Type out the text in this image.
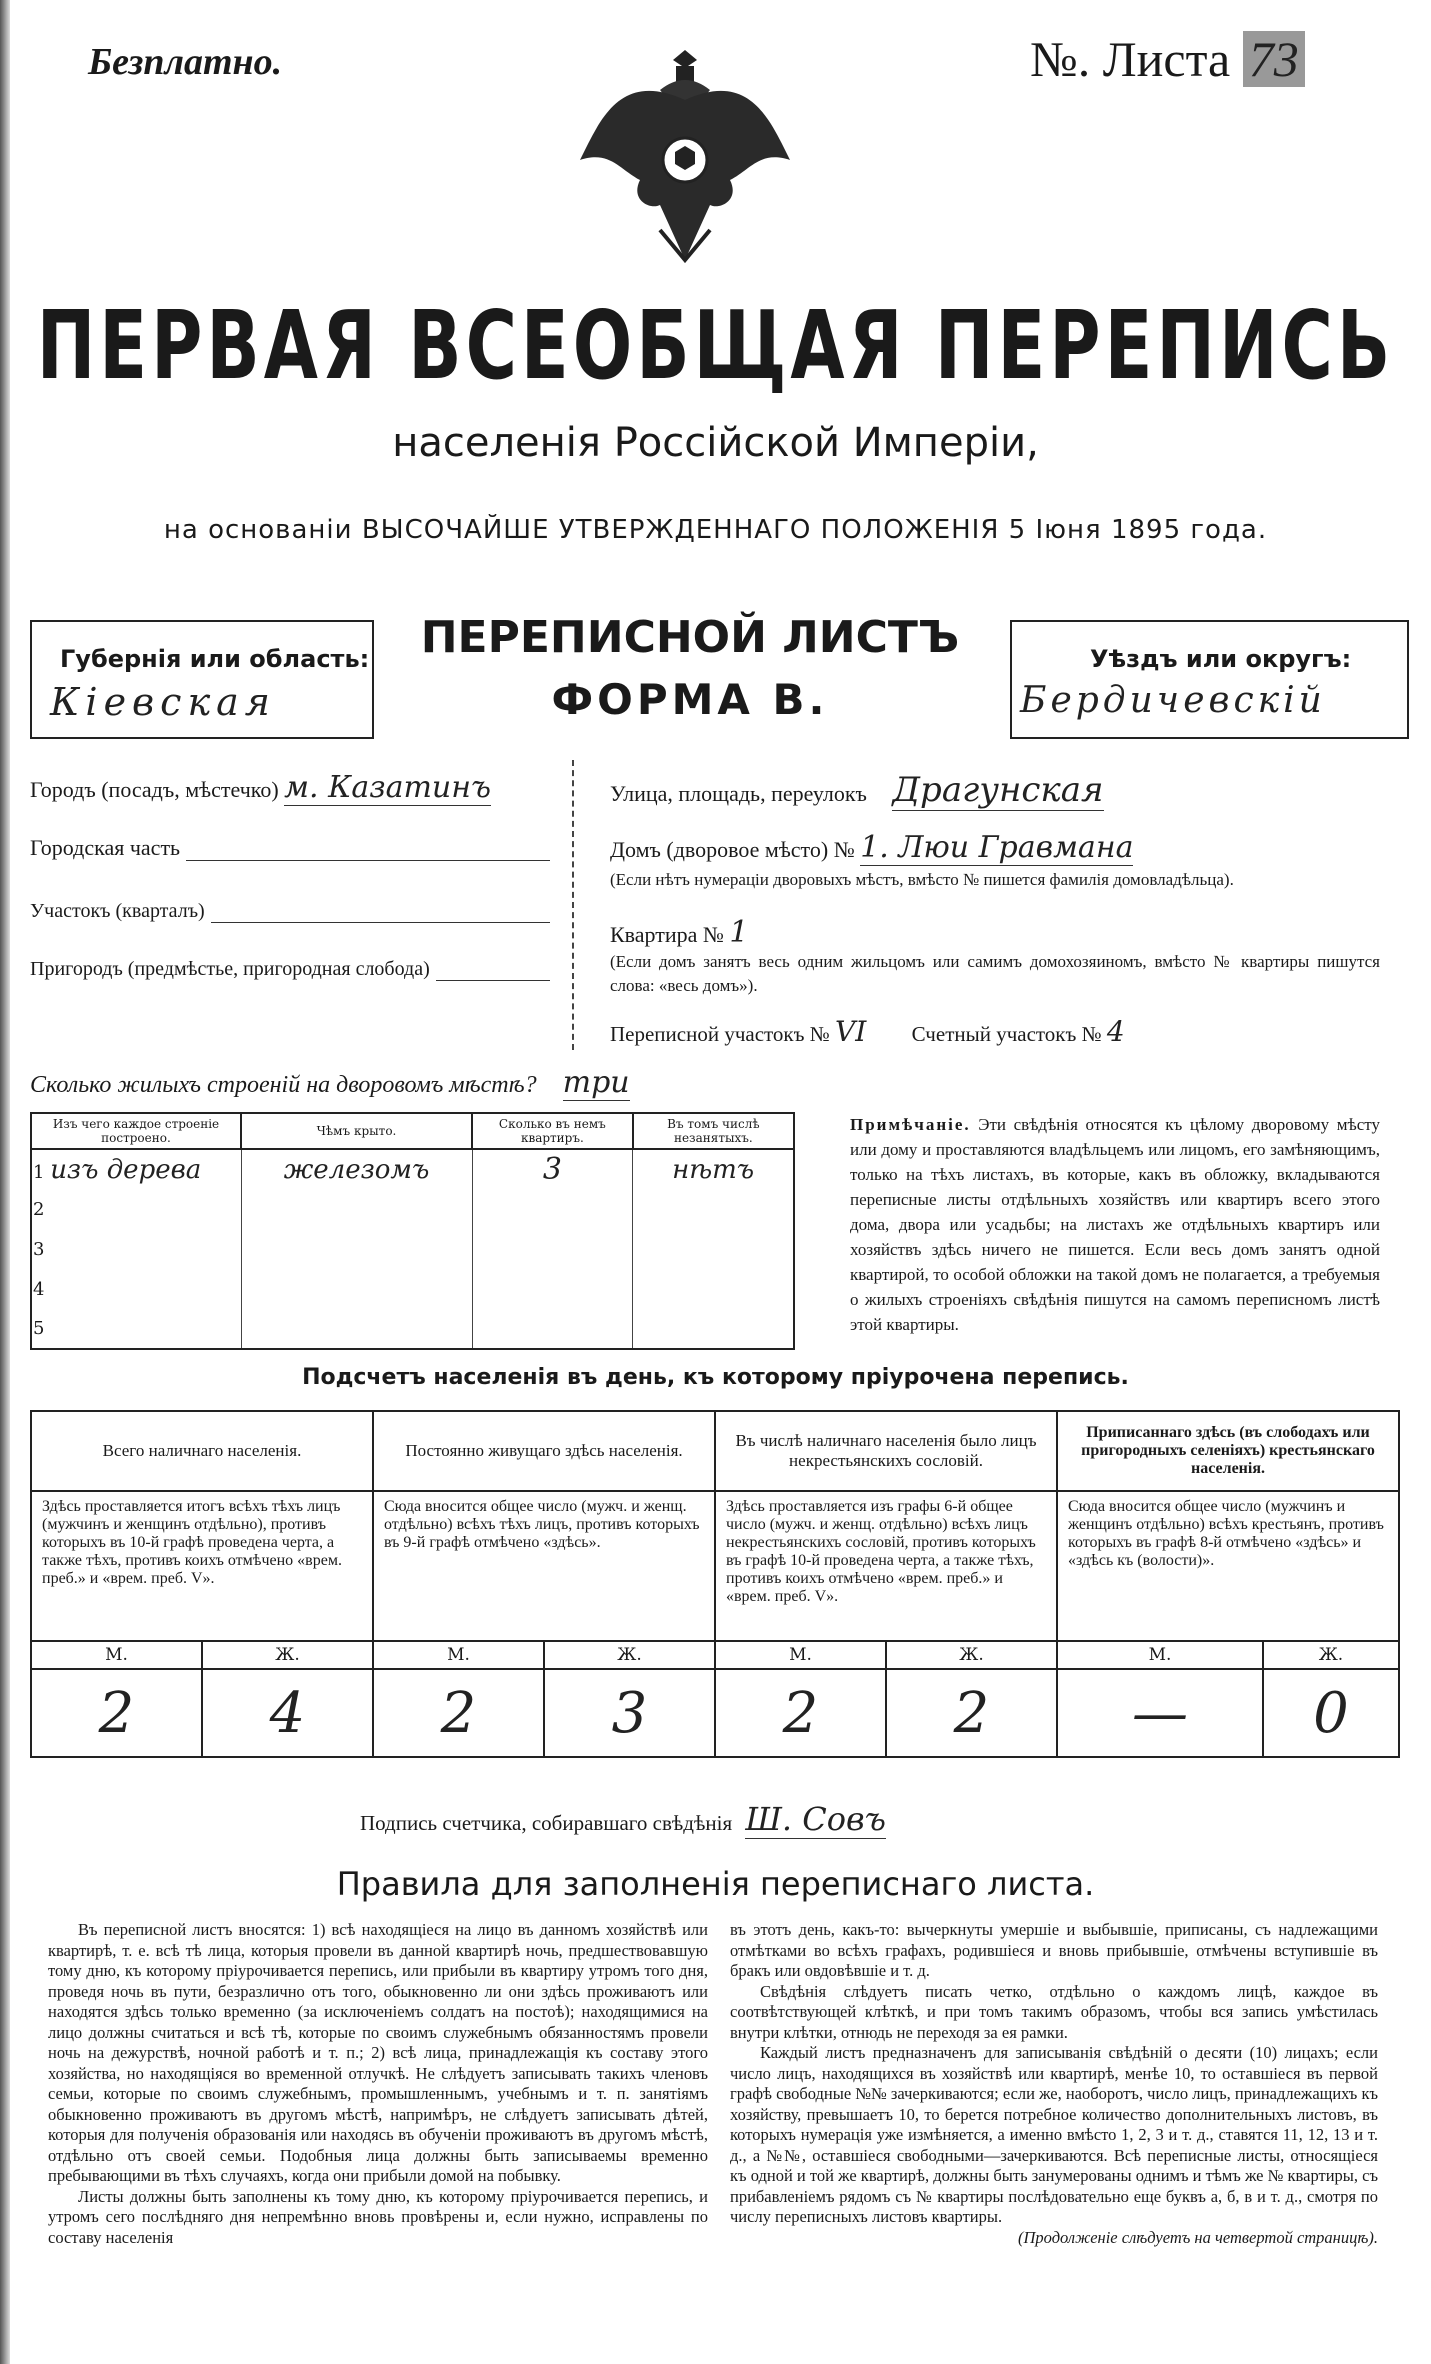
Безплатно.	№. Листа 73
ПЕРВАЯ ВСЕОБЩАЯ ПЕРЕПИСЬ
населенія Россійской Имперіи,
на основаніи ВЫСОЧАЙШЕ УТВЕРЖДЕННАГО ПОЛОЖЕНІЯ 5 Іюня 1895 года.
Губернія или область:
Кіевская
ПЕРЕПИСНОЙ ЛИСТЪ
ФОРМА В.
Уѣздъ или округъ:
Бердичевскій
Городъ (посадъ, мѣстечко) м. Казатинъ
Городская часть
Участокъ (кварталъ)
Пригородъ (предмѣстье, пригородная слобода)
Улица, площадь, переулокъ Драгунская
Домъ (дворовое мѣсто) № 1. Люи Гравмана
(Если нѣтъ нумераціи дворовыхъ мѣстъ, вмѣсто № пишется фамилія домовладѣльца).
Квартира № 1
(Если домъ занятъ весь одним жильцомъ или самимъ домохозяиномъ, вмѣсто № квартиры пишутся слова: «весь домъ»).
Переписной участокъ № VI Счетный участокъ № 4
Сколько жилыхъ строеній на дворовомъ мѣстѣ? три
Изъ чего каждое строеніе построено.	Чѣмъ крыто.	Сколько въ немъ квартиръ.	Въ томъ числѣ незанятыхъ.
1 изъ дерева	железомъ	3	нѣтъ
2			
3			
4			
5			
Примѣчаніе. Эти свѣдѣнія относятся къ цѣлому дворовому мѣсту или дому и проставляются владѣльцемъ или лицомъ, его замѣняющимъ, только на тѣхъ листахъ, въ которые, какъ въ обложку, вкладываются переписные листы отдѣльныхъ хозяйствъ или квартиръ всего этого дома, двора или усадьбы; на листахъ же отдѣльныхъ квартиръ или хозяйствъ здѣсь ничего не пишется. Если весь домъ занятъ одной квартирой, то особой обложки на такой домъ не полагается, а требуемыя о жилыхъ строеніяхъ свѣдѣнія пишутся на самомъ переписномъ листѣ этой квартиры.
Подсчетъ населенія въ день, къ которому пріурочена перепись.
Всего наличнаго населенія.		Постоянно живущаго здѣсь населенія.		Въ числѣ наличнаго населенія было лицъ некрестьянскихъ сословій.		Приписаннаго здѣсь (въ слободахъ или пригородныхъ селеніяхъ) крестьянскаго населенія.	
Здѣсь проставляется итогъ всѣхъ тѣхъ лицъ (мужчинъ и женщинъ отдѣльно), противъ которыхъ въ 10-й графѣ проведена черта, а также тѣхъ, противъ коихъ отмѣчено «врем. преб.» и «врем. преб. V».		Сюда вносится общее число (мужч. и женщ. отдѣльно) всѣхъ тѣхъ лицъ, противъ которыхъ въ 9-й графѣ отмѣчено «здѣсь».		Здѣсь проставляется изъ графы 6-й общее число (мужч. и женщ. отдѣльно) всѣхъ лицъ некрестьянскихъ сословій, противъ которыхъ въ графѣ 10-й проведена черта, а также тѣхъ, противъ коихъ отмѣчено «врем. преб.» и «врем. преб. V».		Сюда вносится общее число (мужчинъ и женщинъ отдѣльно) всѣхъ крестьянъ, противъ которыхъ въ графѣ 8-й отмѣчено «здѣсь» и «здѣсь къ (волости)».	
М.	Ж.	М.	Ж.	М.	Ж.	М.	Ж.
2	4	2	3	2	2	—	0
Подпись счетчика, собиравшаго свѣдѣнія Ш. Совъ
Правила для заполненія переписнаго листа.

Въ переписной листъ вносятся: 1) всѣ находящіеся на лицо въ данномъ хозяйствѣ или квартирѣ, т. е. всѣ тѣ лица, которыя провели въ данной квартирѣ ночь, предшествовавшую тому дню, къ которому пріурочивается перепись, или прибыли въ квартиру утромъ того дня, проведя ночь въ пути, безразлично отъ того, обыкновенно ли они здѣсь проживаютъ или находятся здѣсь только временно (за исключеніемъ солдатъ на постоѣ); находящимися на лицо должны считаться и всѣ тѣ, которые по своимъ служебнымъ обязанностямъ провели ночь на дежурствѣ, ночной работѣ и т. п.; 2) всѣ лица, принадлежащія къ составу этого хозяйства, но находящіяся во временной отлучкѣ. Не слѣдуетъ записывать такихъ членовъ семьи, которые по своимъ служебнымъ, промышленнымъ, учебнымъ и т. п. занятіямъ обыкновенно проживаютъ въ другомъ мѣстѣ, напримѣръ, не слѣдуетъ записывать дѣтей, которыя для полученія образованія или находясь въ обученіи проживаютъ въ другомъ мѣстѣ, отдѣльно отъ своей семьи. Подобныя лица должны быть записываемы временно пребывающими въ тѣхъ случаяхъ, когда они прибыли домой на побывку.

Листы должны быть заполнены къ тому дню, къ которому пріурочивается перепись, и утромъ сего послѣдняго дня непремѣнно вновь провѣрены и, если нужно, исправлены по составу населенія

въ этотъ день, какъ-то: вычеркнуты умершіе и выбывшіе, приписаны, съ надлежащими отмѣтками во всѣхъ графахъ, родившіеся и вновь прибывшіе, отмѣчены вступившіе въ бракъ или овдовѣвшіе и т. д.

Свѣдѣнія слѣдуетъ писать четко, отдѣльно о каждомъ лицѣ, каждое въ соотвѣтствующей клѣткѣ, и при томъ такимъ образомъ, чтобы вся запись умѣстилась внутри клѣтки, отнюдь не переходя за ея рамки.

Каждый листъ предназначенъ для записыванія свѣдѣній о десяти (10) лицахъ; если число лицъ, находящихся въ хозяйствѣ или квартирѣ, менѣе 10, то оставшіеся въ первой графѣ свободные №№ зачеркиваются; если же, наоборотъ, число лицъ, принадлежащихъ къ хозяйству, превышаетъ 10, то берется потребное количество дополнительныхъ листовъ, въ которыхъ нумерація уже измѣняется, а именно вмѣсто 1, 2, 3 и т. д., ставятся 11, 12, 13 и т. д., а №№, оставшіеся свободными—зачеркиваются. Всѣ переписные листы, относящіеся къ одной и той же квартирѣ, должны быть занумерованы однимъ и тѣмъ же № квартиры, съ прибавленіемъ рядомъ съ № квартиры послѣдовательно еще буквъ а, б, в и т. д., смотря по числу переписныхъ листовъ квартиры.

(Продолженіе слѣдуетъ на четвертой страницѣ).
